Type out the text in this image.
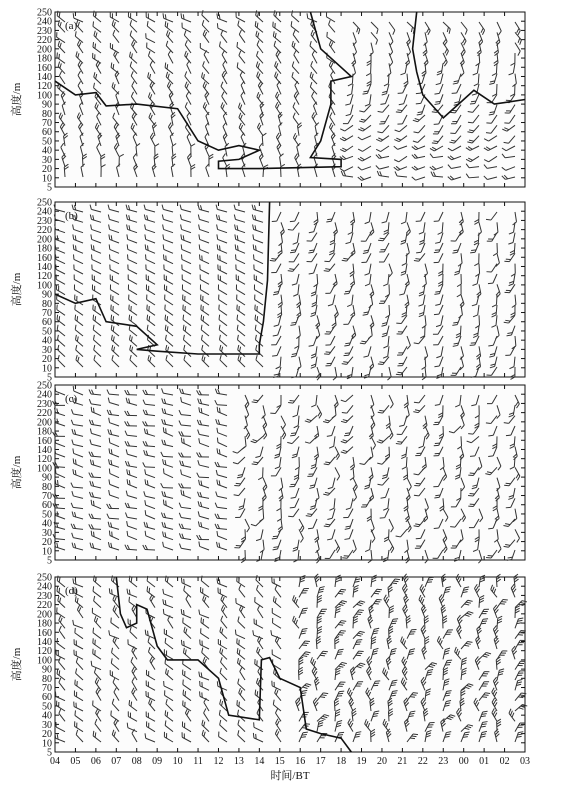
5
10
20
30
40
50
60
70
80
90
100
120
140
160
180
200
220
230
240
250
高度/m
(a)
5
10
20
30
40
50
60
70
80
90
100
120
140
160
180
200
220
230
240
250
高度/m
(b)
5
10
20
30
40
50
60
70
80
90
100
120
140
160
180
200
220
230
240
250
高度/m
(c)
5
10
20
30
40
50
60
70
80
90
100
120
140
160
180
200
220
230
240
250
04 05 06 07 08 09 10 11 12 13 14 15 16 17 18 19 20 21 22 23 00 01 02 03
高度/m
(d)
时间/BT
